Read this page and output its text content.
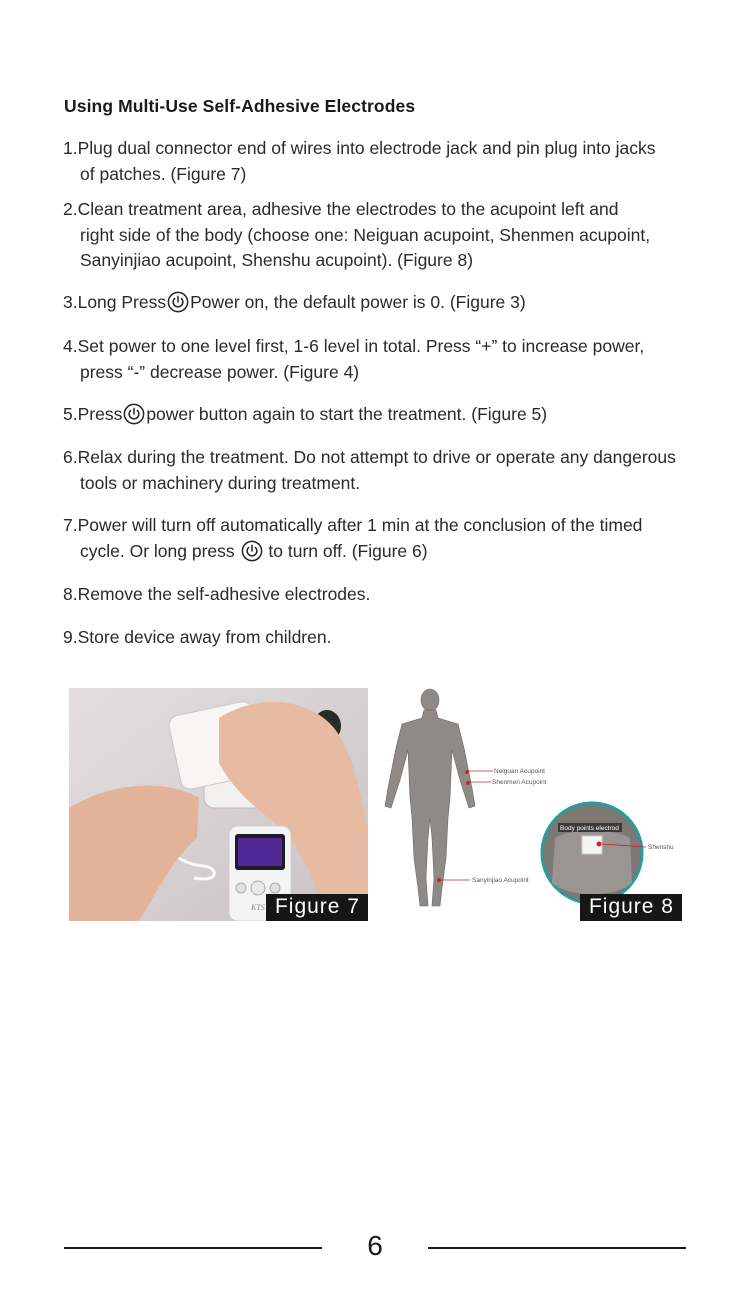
Using Multi-Use Self-Adhesive Electrodes
1.Plug dual connector end of wires into electrode jack and pin plug into jacks
of patches. (Figure 7)
2.Clean treatment area, adhesive the electrodes to the acupoint left and
right side of the body (choose one: Neiguan acupoint, Shenmen acupoint,
Sanyinjiao acupoint, Shenshu acupoint). (Figure 8)
3.Long Press Power on, the default power is 0. (Figure 3)
4.Set power to one level first, 1-6 level in total. Press “+” to increase power,
press “-” decrease power. (Figure 4)
5.Press power button again to start the treatment. (Figure 5)
6.Relax during the treatment. Do not attempt to drive or operate any dangerous
tools or machinery during treatment.
7.Power will turn off automatically after 1 min at the conclusion of the timed
cycle. Or long press to turn off. (Figure 6)
8.Remove the self-adhesive electrodes.
9.Store device away from children.
KTS Figure 7
Neiguan Acupoint
Shenmen Acupoint
Sanyinjiao Acupoint
Body points electrod
Shenshu
Figure 8
6
